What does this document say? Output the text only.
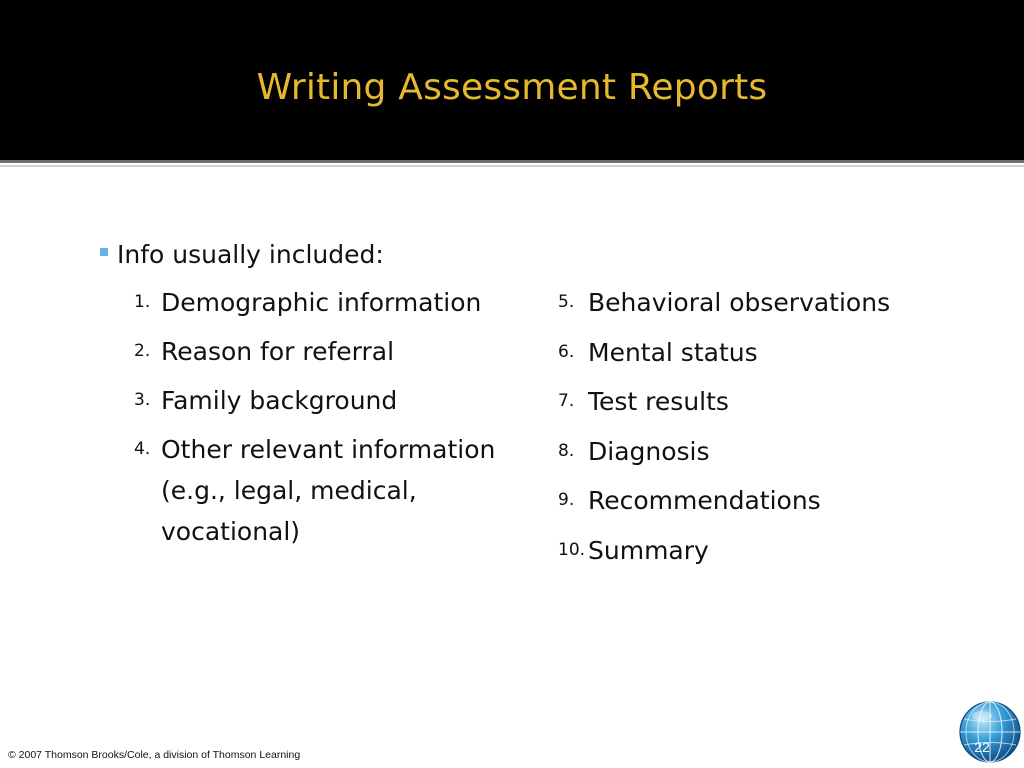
Writing Assessment Reports
Info usually included:
1. Demographic information
2. Reason for referral
3. Family background
4. Other relevant information (e.g., legal, medical, vocational)
5. Behavioral observations
6. Mental status
7. Test results
8. Diagnosis
9. Recommendations
10. Summary
© 2007 Thomson Brooks/Cole, a division of Thomson Learning	22
